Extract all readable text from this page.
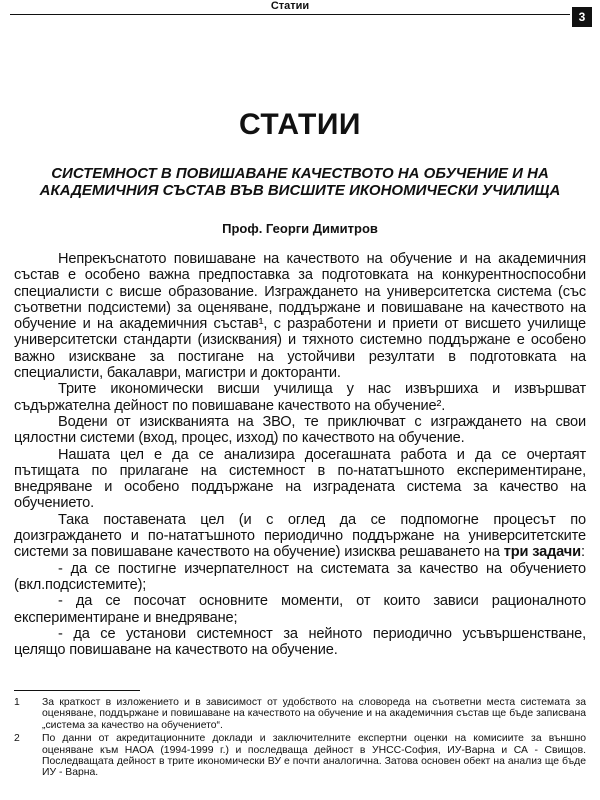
Статии
3
СТАТИИ
СИСТЕМНОСТ В ПОВИШАВАНЕ КАЧЕСТВОТО НА ОБУЧЕНИЕ И НА АКАДЕМИЧНИЯ СЪСТАВ ВЪВ ВИСШИТЕ ИКОНОМИЧЕСКИ УЧИЛИЩА
Проф. Георги Димитров

Непрекъснатото повишаване на качеството на обучение и на академичния състав е особено важна предпоставка за подготовката на конкурентноспособни специалисти с висше образование. Изграждането на университетска система (със съответни подсистеми) за оценяване, поддържане и повишаване на качеството на обучение и на академичния състав¹, с разработени и приети от висшето училище университетски стандарти (изисквания) и тяхното системно поддържане е особено важно изискване за постигане на устойчиви резултати в подготовката на специалисти, бакалаври, магистри и докторанти.

Трите икономически висши училища у нас извършиха и извършват съдържателна дейност по повишаване качеството на обучение².

Водени от изискванията на ЗВО, те приключват с изграждането на свои цялостни системи (вход, процес, изход) по качеството на обучение.

Нашата цел е да се анализира досегашната работа и да се очертаят пътищата по прилагане на системност в по-нататъшното експериментиране, внедряване и особено поддържане на изградената система за качество на обучението.

Така поставената цел (и с оглед да се подпомогне процесът по доизграждането и по-нататъшното периодично поддържане на университетските системи за повишаване качеството на обучение) изисква решаването на три задачи:

- да се постигне изчерпателност на системата за качество на обучението (вкл.подсистемите);

- да се посочат основните моменти, от които зависи рационалното експериментиране и внедряване;

- да се установи системност за нейното периодично усъвършенстване, целящо повишаване на качеството на обучение.

1	За краткост в изложението и в зависимост от удобството на словореда на съответни места системата за оценяване, поддържане и повишаване на качеството на обучение и на академичния състав ще бъде записвана „система за качество на обучението“.
2	По данни от акредитационните доклади и заключителните експертни оценки на комисиите за външно оценяване към НАОА (1994-1999 г.) и последваща дейност в УНСС-София, ИУ-Варна и СА - Свищов. Последващата дейност в трите икономически ВУ е почти аналогична. Затова основен обект на анализ ще бъде ИУ - Варна.
